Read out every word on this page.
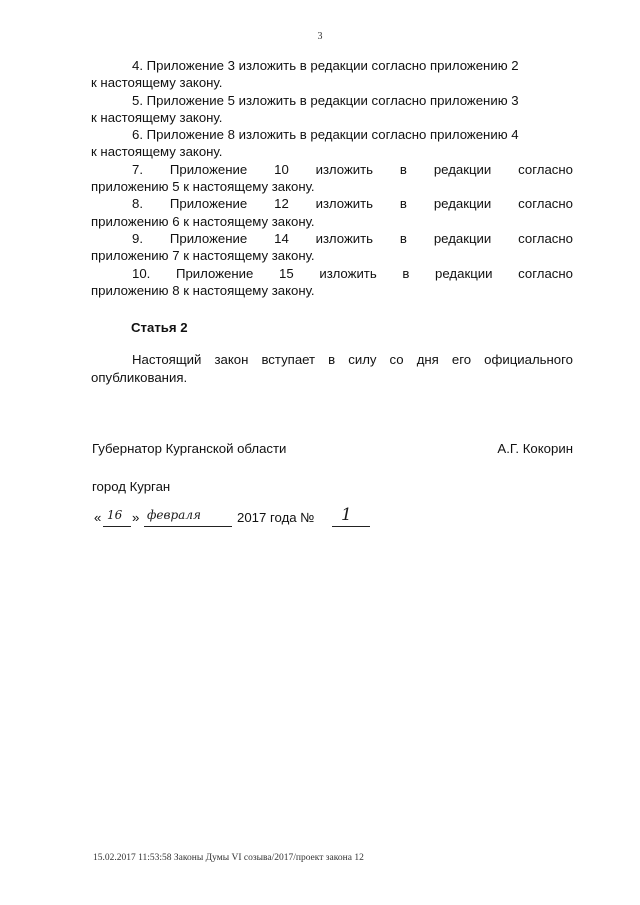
3
4. Приложение 3 изложить в редакции согласно приложению 2
к настоящему закону.
5. Приложение 5 изложить в редакции согласно приложению 3
к настоящему закону.
6. Приложение 8 изложить в редакции согласно приложению 4
к настоящему закону.
7. Приложение 10 изложить в редакции согласно
приложению 5 к настоящему закону.
8. Приложение 12 изложить в редакции согласно
приложению 6 к настоящему закону.
9. Приложение 14 изложить в редакции согласно
приложению 7 к настоящему закону.
10. Приложение 15 изложить в редакции согласно
приложению 8 к настоящему закону.
Статья 2
Настоящий закон вступает в силу со дня его официального
опубликования.
Губернатор Курганской области	А.Г. Кокорин
город Курган
« 16 » февраля	2017 года № 1
15.02.2017 11:53:58 Законы Думы VI созыва/2017/проект закона 12
